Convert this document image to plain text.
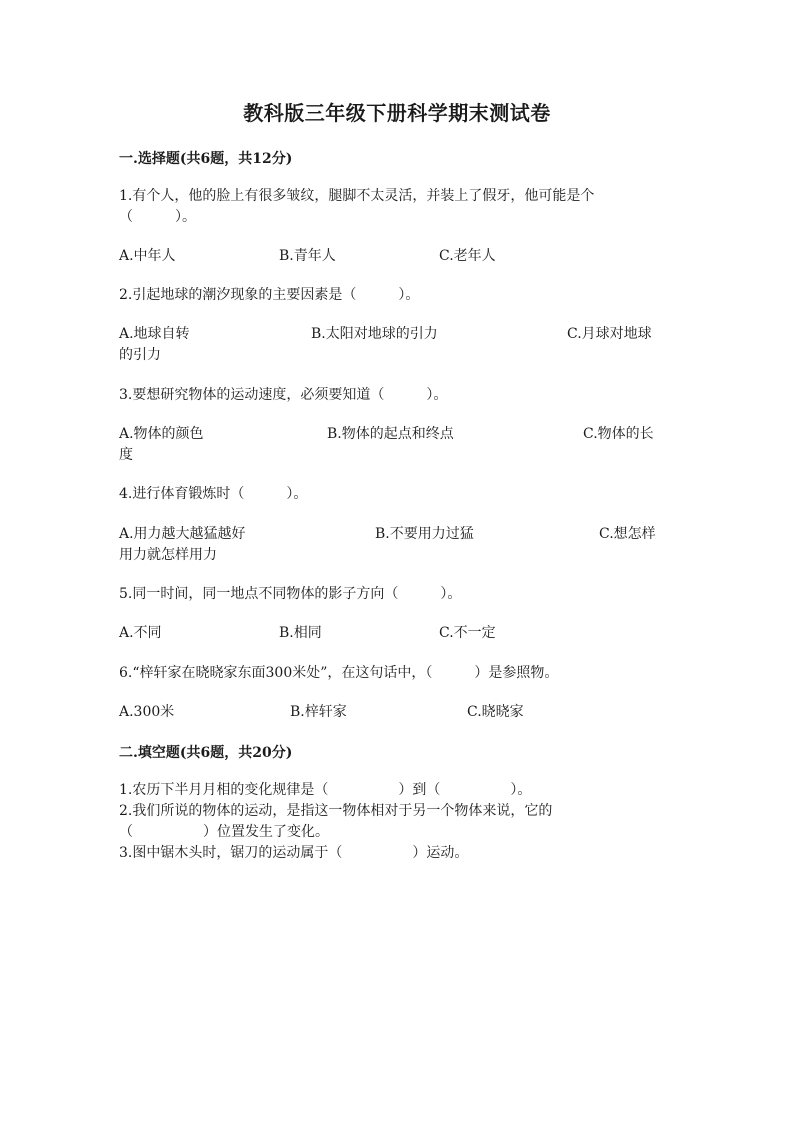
教科版三年级下册科学期末测试卷
一.选择题(共6题，共12分)
1.有个人，他的脸上有很多皱纹，腿脚不太灵活，并装上了假牙，他可能是个
（　　　）。
A.中年人	B.青年人	C.老年人
2.引起地球的潮汐现象的主要因素是（　　　）。
A.地球自转	B.太阳对地球的引力	C.月球对地球
的引力
3.要想研究物体的运动速度，必须要知道（　　　）。
A.物体的颜色	B.物体的起点和终点	C.物体的长
度
4.进行体育锻炼时（　　　）。
A.用力越大越猛越好	B.不要用力过猛	C.想怎样
用力就怎样用力
5.同一时间，同一地点不同物体的影子方向（　　　）。
A.不同	B.相同	C.不一定
6.“梓轩家在晓晓家东面300米处”，在这句话中，（　　　）是参照物。
A.300米	B.梓轩家	C.晓晓家
二.填空题(共6题，共20分)
1.农历下半月月相的变化规律是（　　　　　）到（　　　　　）。
2.我们所说的物体的运动，是指这一物体相对于另一个物体来说，它的
（　　　　　）位置发生了变化。
3.图中锯木头时，锯刀的运动属于（　　　　　）运动。
